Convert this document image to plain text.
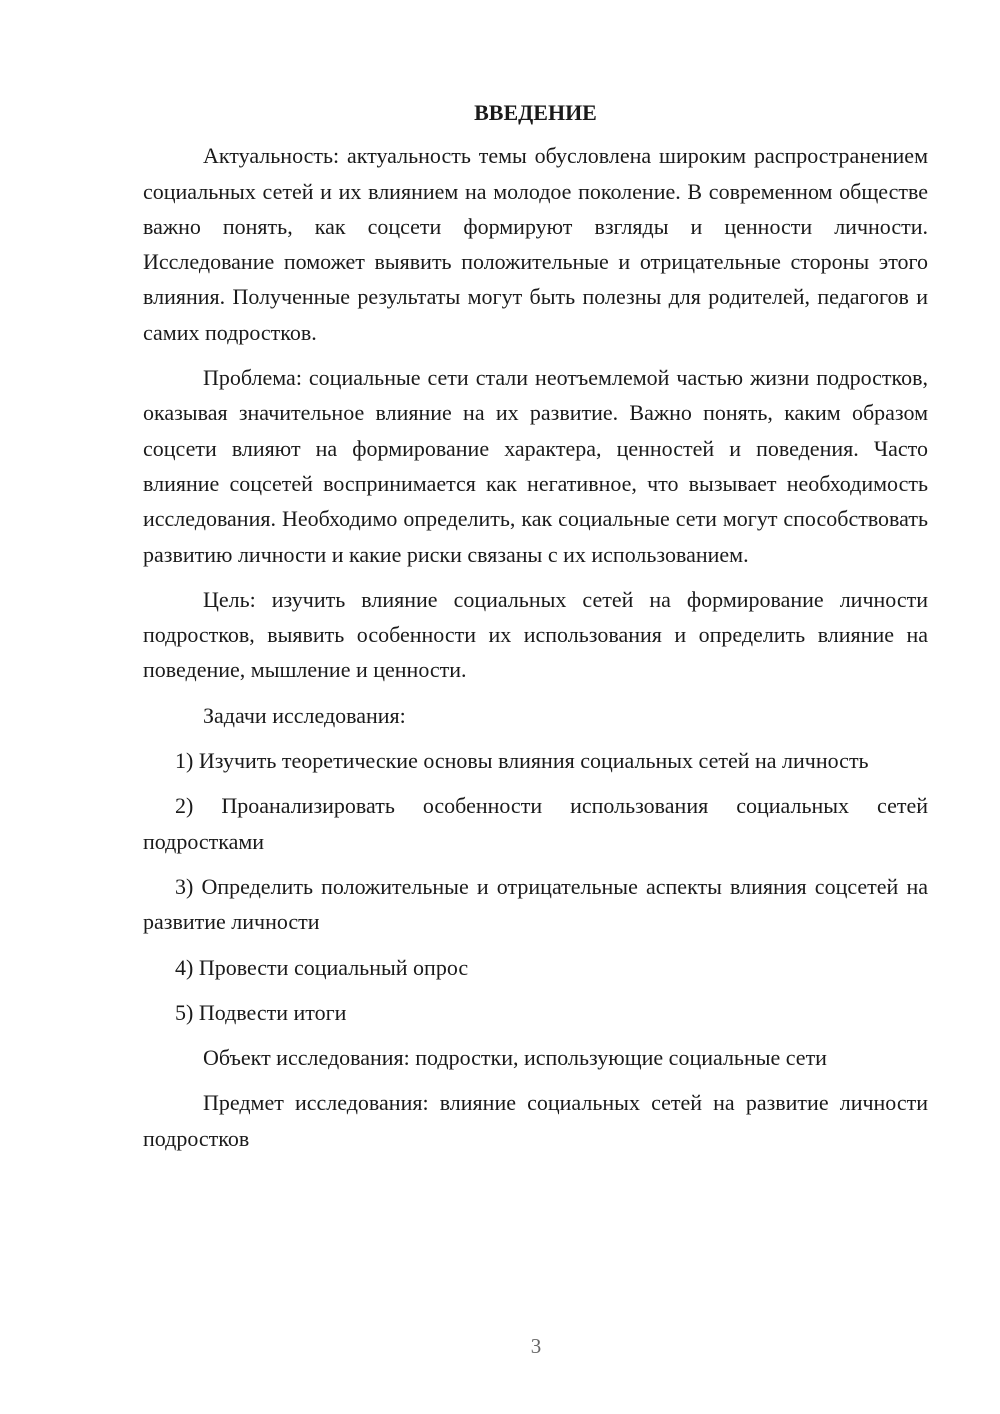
ВВЕДЕНИЕ

Актуальность: актуальность темы обусловлена широким распространением социальных сетей и их влиянием на молодое поколение. В современном обществе важно понять, как соцсети формируют взгляды и ценности личности. Исследование поможет выявить положительные и отрицательные стороны этого влияния. Полученные результаты могут быть полезны для родителей, педагогов и самих подростков.

Проблема: социальные сети стали неотъемлемой частью жизни подростков, оказывая значительное влияние на их развитие. Важно понять, каким образом соцсети влияют на формирование характера, ценностей и поведения. Часто влияние соцсетей воспринимается как негативное, что вызывает необходимость исследования. Необходимо определить, как социальные сети могут способствовать развитию личности и какие риски связаны с их использованием.

Цель: изучить влияние социальных сетей на формирование личности подростков, выявить особенности их использования и определить влияние на поведение, мышление и ценности.

Задачи исследования:

1) Изучить теоретические основы влияния социальных сетей на личность

2) Проанализировать особенности использования социальных сетей подростками

3) Определить положительные и отрицательные аспекты влияния соцсетей на развитие личности

4) Провести социальный опрос

5) Подвести итоги

Объект исследования: подростки, использующие социальные сети

Предмет исследования: влияние социальных сетей на развитие личности подростков

3
